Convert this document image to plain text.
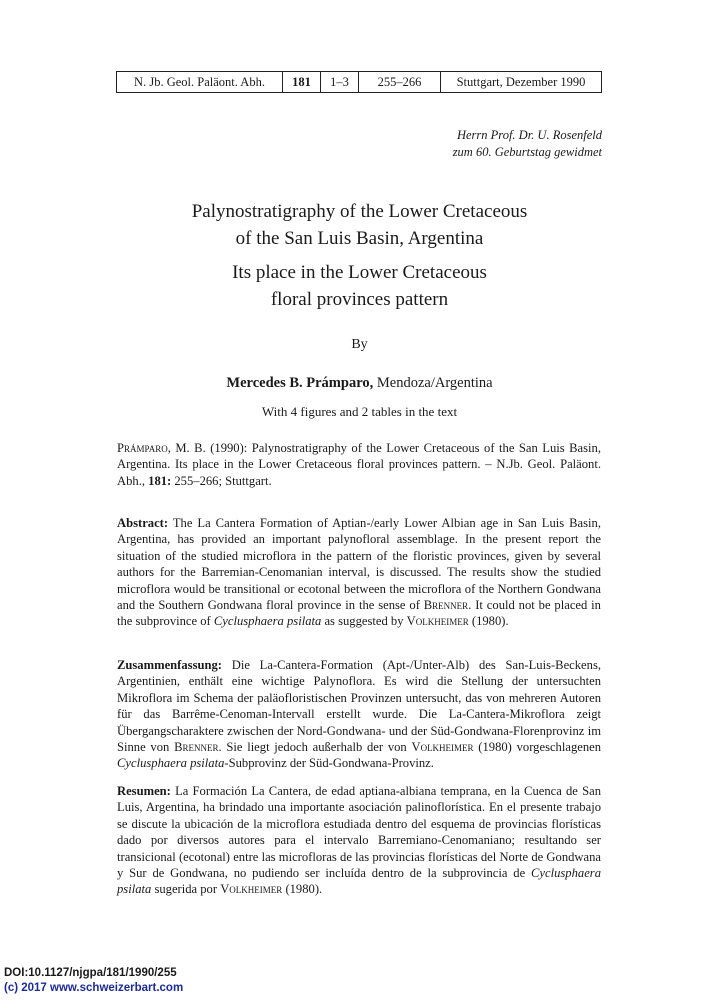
N. Jb. Geol. Paläont. Abh.	181	1–3	255–266	Stuttgart, Dezember 1990
Herrn Prof. Dr. U. Rosenfeld
zum 60. Geburtstag gewidmet
Palynostratigraphy of the Lower Cretaceous
of the San Luis Basin, Argentina
Its place in the Lower Cretaceous
floral provinces pattern
By
Mercedes B. Prámparo, Mendoza/Argentina
With 4 figures and 2 tables in the text
Prámparo, M. B. (1990): Palynostratigraphy of the Lower Cretaceous of the San Luis Basin, Argentina. Its place in the Lower Cretaceous floral provinces pattern. – N.Jb. Geol. Paläont. Abh., 181: 255–266; Stuttgart.
Abstract: The La Cantera Formation of Aptian-/early Lower Albian age in San Luis Basin, Argentina, has provided an important palynofloral assemblage. In the present report the situation of the studied microflora in the pattern of the floristic provinces, given by several authors for the Barremian-Cenomanian interval, is discussed. The results show the studied microflora would be transitional or ecotonal between the microflora of the Northern Gondwana and the Southern Gondwana floral province in the sense of Brenner. It could not be placed in the subprovince of Cyclusphaera psilata as suggested by Volkheimer (1980).
Zusammenfassung: Die La-Cantera-Formation (Apt-/Unter-Alb) des San-Luis-Beckens, Argentinien, enthält eine wichtige Palynoflora. Es wird die Stellung der untersuchten Mikroflora im Schema der paläofloristischen Provinzen untersucht, das von mehreren Autoren für das Barrême-Cenoman-Intervall erstellt wurde. Die La-Cantera-Mikroflora zeigt Übergangscharaktere zwischen der Nord-Gondwana- und der Süd-Gondwana-Florenprovinz im Sinne von Brenner. Sie liegt jedoch außerhalb der von Volkheimer (1980) vorgeschlagenen Cyclusphaera psilata-Subprovinz der Süd-Gondwana-Provinz.
Resumen: La Formación La Cantera, de edad aptiana-albiana temprana, en la Cuenca de San Luis, Argentina, ha brindado una importante asociación palinoflorística. En el presente trabajo se discute la ubicación de la microflora estudiada dentro del esquema de provincias florísticas dado por diversos autores para el intervalo Barremiano-Cenomaniano; resultando ser transicional (ecotonal) entre las microfloras de las provincias florísticas del Norte de Gondwana y Sur de Gondwana, no pudiendo ser incluída dentro de la subprovincia de Cyclusphaera psilata sugerida por Volkheimer (1980).
DOI:10.1127/njgpa/181/1990/255
(c) 2017 www.schweizerbart.com
